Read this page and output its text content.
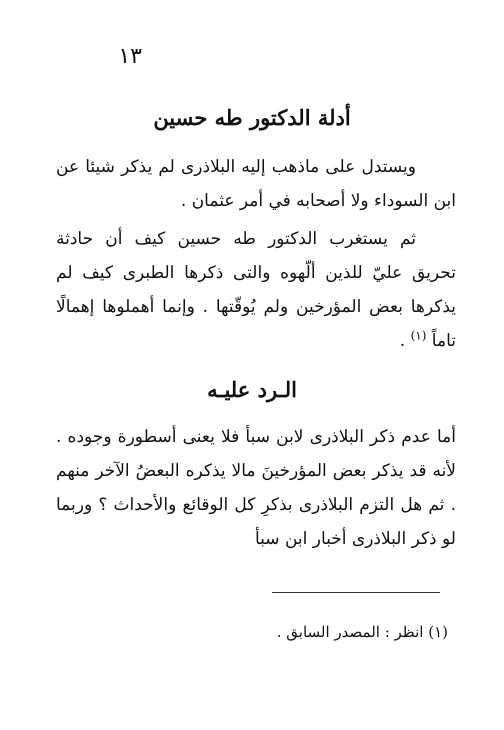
١٣
أدلة الدكتور طه حسين

ويستدل على ماذهب إليه البلاذرى لم يذكر شيئا عن ابن السوداء ولا أصحابه في أمر عثمان .

ثم يستغرب الدكتور طه حسين كيف أن حادثة تحريق عليّ للذين ألّهوه والتى ذكرها الطبرى كيف لم يذكرها بعض المؤرخين ولم يُوقّتها . وإنما أهملوها إهمالًا تاماً $^{(١)}$ .

الـرد عليـه

أما عدم ذكر البلاذرى لابن سبأ فلا يعنى أسطورة وجوده . لأنه قد يذكر بعض المؤرخينَ مالا يذكره البعضُ الآخر منهم . ثم هل التزم البلاذرى بذكرِ كل الوقائع والأحداث ؟ وربما لو ذكر البلاذرى أخبار ابن سبأ

(١) انظر : المصدر السابق .
